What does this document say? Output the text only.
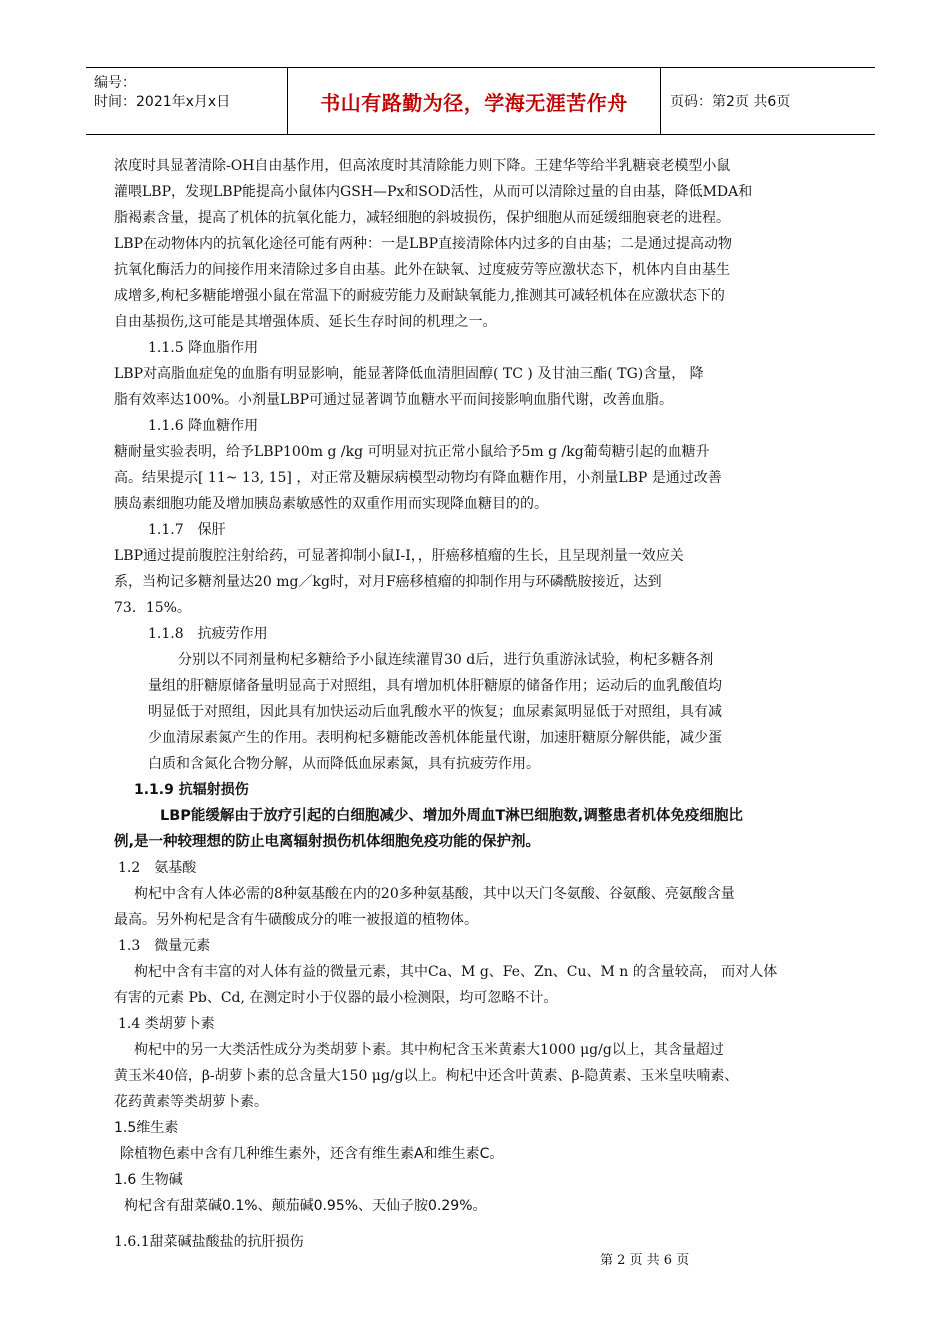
编号：
时间：2021年x月x日	书山有路勤为径，学海无涯苦作舟	页码：第2页 共6页
浓度时具显著清除-OH自由基作用，但高浓度时其清除能力则下降。王建华等给半乳糖衰老模型小鼠
灌喂LBP，发现LBP能提高小鼠体内GSH—Px和SOD活性，从而可以清除过量的自由基，降低MDA和
脂褐素含量，提高了机体的抗氧化能力，减轻细胞的斜坡损伤，保护细胞从而延缓细胞衰老的进程。
LBP在动物体内的抗氧化途径可能有两种：一是LBP直接清除体内过多的自由基；二是通过提高动物
抗氧化酶活力的间接作用来清除过多自由基。此外在缺氧、过度疲劳等应激状态下，机体内自由基生
成增多,枸杞多糖能增强小鼠在常温下的耐疲劳能力及耐缺氧能力,推测其可减轻机体在应激状态下的
自由基损伤,这可能是其增强体质、延长生存时间的机理之一。
1.1.5 降血脂作用
LBP对高脂血症兔的血脂有明显影响，能显著降低血清胆固醇( TC ) 及甘油三酯( TG)含量， 降
脂有效率达100%。小剂量LBP可通过显著调节血糖水平而间接影响血脂代谢，改善血脂。
1.1.6 降血糖作用
糖耐量实验表明，给予LBP100m g /kg 可明显对抗正常小鼠给予5m g /kg葡萄糖引起的血糖升
高。结果提示[ 11~ 13, 15] ，对正常及糖尿病模型动物均有降血糖作用，小剂量LBP 是通过改善
胰岛素细胞功能及增加胰岛素敏感性的双重作用而实现降血糖目的的。
1.1.7　保肝
LBP通过提前腹腔注射给药，可显著抑制小鼠I-I，，肝癌移植瘤的生长，且呈现剂量一效应关
系，当枸记多糖剂量达20 mg／kg时，对月F癌移植瘤的抑制作用与环磷酰胺接近，达到
73．15%。
1.1.8　抗疲劳作用
分别以不同剂量枸杞多糖给予小鼠连续灌胃30 d后，进行负重游泳试验，枸杞多糖各剂
量组的肝糖原储备量明显高于对照组，具有增加机体肝糖原的储备作用；运动后的血乳酸值均
明显低于对照组，因此具有加快运动后血乳酸水平的恢复；血尿素氮明显低于对照组，具有减
少血清尿素氮产生的作用。表明枸杞多糖能改善机体能量代谢，加速肝糖原分解供能，减少蛋
白质和含氮化合物分解，从而降低血尿素氮，具有抗疲劳作用。
1.1.9 抗辐射损伤
LBP能缓解由于放疗引起的白细胞减少、增加外周血T淋巴细胞数,调整患者机体免疫细胞比
例,是一种较理想的防止电离辐射损伤机体细胞免疫功能的保护剂。
1.2　氨基酸
枸杞中含有人体必需的8种氨基酸在内的20多种氨基酸，其中以天门冬氨酸、谷氨酸、亮氨酸含量
最高。另外枸杞是含有牛磺酸成分的唯一被报道的植物体。
1.3　微量元素
枸杞中含有丰富的对人体有益的微量元素，其中Ca、M g、Fe、Zn、Cu、M n 的含量较高， 而对人体
有害的元素 Pb、Cd, 在测定时小于仪器的最小检测限，均可忽略不计。
1.4 类胡萝卜素
枸杞中的另一大类活性成分为类胡萝卜素。其中枸杞含玉米黄素大1000 μg/g以上，其含量超过
黄玉米40倍，β-胡萝卜素的总含量大150 μg/g以上。枸杞中还含叶黄素、β-隐黄素、玉米皇呋喃素、
花药黄素等类胡萝卜素。
1.5维生素
除植物色素中含有几种维生素外，还含有维生素A和维生素C。
1.6 生物碱
枸杞含有甜菜碱0.1%、颠茄碱0.95%、天仙子胺0.29%。
1.6.1甜菜碱盐酸盐的抗肝损伤
第 2 页 共 6 页
